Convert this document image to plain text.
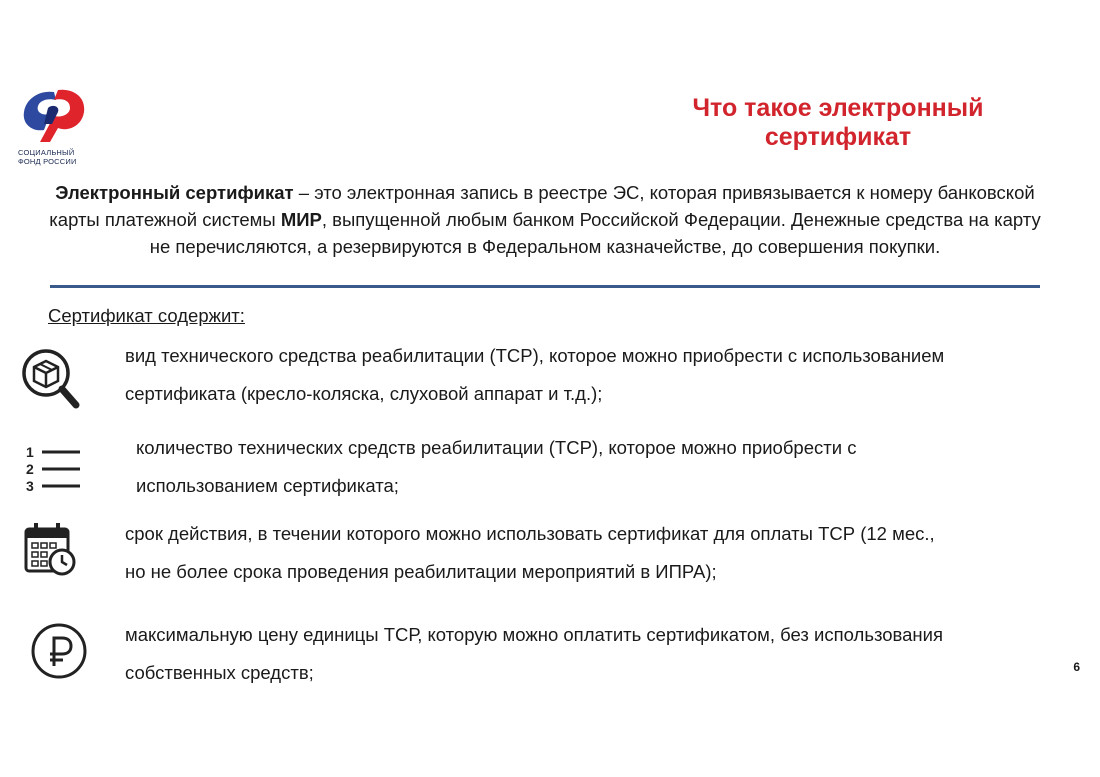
СОЦИАЛЬНЫЙ
ФОНД РОССИИ
Что такое электронный
сертификат
Электронный сертификат – это электронная запись в реестре ЭС, которая привязывается к номеру банковской карты платежной системы МИР, выпущенной любым банком Российской Федерации. Денежные средства на карту не перечисляются, а резервируются в Федеральном казначействе, до совершения покупки.
Сертификат содержит:
вид технического средства реабилитации (ТСР), которое можно приобрести с использованием
сертификата (кресло-коляска, слуховой аппарат и т.д.);
1
2
3
количество технических средств реабилитации (ТСР), которое можно приобрести с
использованием сертификата;
срок действия, в течении которого можно использовать сертификат для оплаты ТСР (12 мес.,
но не более срока проведения реабилитации мероприятий в ИПРА);
максимальную цену единицы ТСР, которую можно оплатить сертификатом, без использования
собственных средств;	6
